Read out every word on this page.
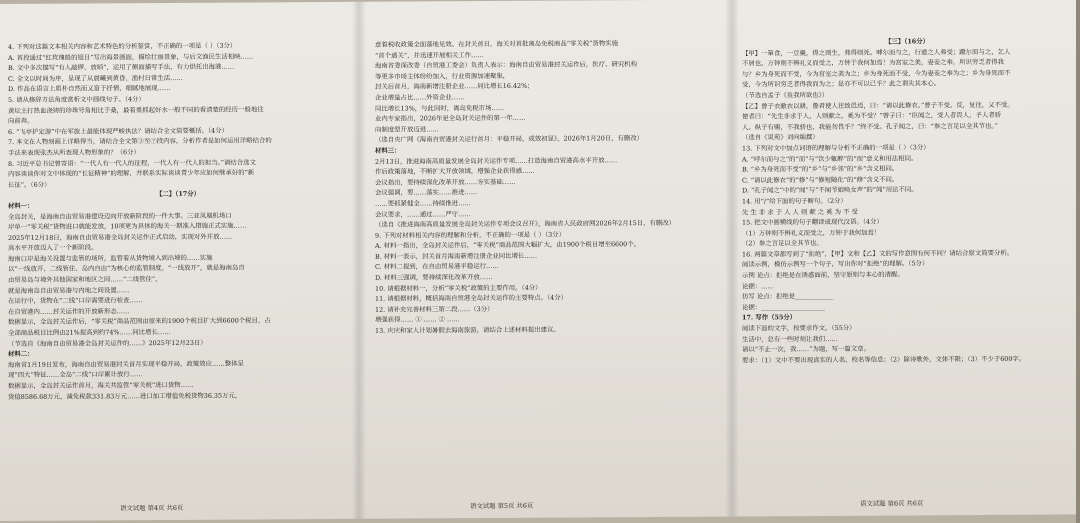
4. 下列对这篇文本相关内容和艺术特色的分析鉴赏，不正确的一项是（ ）（3分）

A. 首段通过“红玫瑰般的旭日”写出海景画面，描绘壮丽景象，与后文渔民生活相映……

B. 文中多次描写“有人敲锣、放哨”，运用了侧面描写手法，有力烘托出海港……

C. 全文以时间为序，呈现了从晨曦到黄昏，渔村日常生活……

D. 作品在语言上质朴自然而又富于抒情，细腻地展现……

5. 请从修辞方法角度赏析文中画线句子。（4分）

黄坛主打热血浇铸的珍珠号角相比于桑，最着重抓起好水一般不同的看清楚的经历一般地往

向前奔。

6. “飞亭护定游”中在军旅上最能体现严峻执法？请结合全文简要概括。（4分）

7. 本文在人物刻画上详略得当，请结合全文第③至⑦段内容，分析作者是如何运用详略结合的

手法来表现张杰从所表现人物形象的？（6分）

8. 习近平总书记曾寄语：“一代人有一代人的征程，一代人有一代人的担当。”请结合选文

内容谈谈你对文中体现的“长征精神”的理解，并联系实际谈谈青少年应如何继承好的“新

长征”。（6分）

【二】（17分）

材料一：

全岛封关，是海南自由贸易港建设迈向开放新阶段的一件大事。三亚凤凰机场口

岸单一“零关税”货物进口就能发放，10项更为具体的海关一期准入措施正式实施……

2025年12月18日，海南自由贸易港全岛封关运作正式启动，实现对外开放……

高水平开放迈入了一个新阶段。

海南口岸是海关设置与监管的场所，监管着从货物境入到出境的……实施

以“一线放开、二线管住、岛内自由”为核心的监管制度。“一线放开”，就是海南岛自

由贸易岛与境外其他国家和地区之间……“二线管住”，

就是海南岛自由贸易港与内地之间设置……

在运行中，货物在“二线”口岸需要进行检查……

在自贸港内……封关运作的开放新形态……

数据显示，全岛封关运作后，“零关税”商品范围由原来的1900个税目扩大到6600个税目，占

全部商品税目比例由21%提高到约74%……同比增长……

（节选自《海南自由贸易港全岛封关运作的……》2025年12月23日）

材料二：

海南省1月19日发布，海南自由贸易港封关首月实现平稳开局，政策效应……整体呈

现“四大”特征……全岛“二线”口岸累计放行……

数据显示，全岛封关运作首月，海关共监管“零关税”进口货物……

货值8586.68万元，减免税款331.83万元……进口加工增值免税货物36.35万元，

意着税收政策全面落地见效。在封关首日，海关对首批离岛免税商品“零关税”货物实施

“首个通关”，并迅速开展相关工作……

海南省委深改委（自贸港工委会）负责人表示：海南自由贸易港封关运作后，医疗、研究机构

等更多市场主体纷纷加入，行业资源加速聚集，

封关后首月，海南新增注册企业……同比增长16.42%；

企业增量占比……外资企业……

同比增长13%，与此同时，离岛免税市场……

业内专家指出，2026年是全岛封关运作的第一年……

向制度型开放迈进……

（选自央广网《海南自贸港封关运行首月：平稳开局，成效初显》，2026年1月20日，有删改）

材料三：

2月13日，推进海南高质量发展全岛封关运作专项……打造海南自贸港高水平开放……

作后政策落地，不断扩大开放领域，增强企业获得感……

会议指出，要持续深化改革开放……夯实基础……

会议强调，要……落实……推进……

……要抓紧健全……持续推进……

会议要求，……通过……严守……

（选自《推进海南高质量发展全岛封关运作专项会议召开》，海南省人民政府网2026年2月15日，有删改）

9. 下列对材料相关内容的理解和分析，不正确的一项是（ ）（3分）

A. 材料一指出，全岛封关运作后，“零关税”商品范围大幅扩大，由1900个税目增至6600个。

B. 材料一表示，封关首月海南新增注册企业同比增长……

C. 材料二提到，在自由贸易港平稳运行……

D. 材料三强调，要持续深化改革开放……

10. 请根据材料一，分析“零关税”政策的主要作用。（4分）

11. 请根据材料，概括海南自贸港全岛封关运作的主要特点。（4分）

12. 请补充完善材料三第二段……（3分）

增强获得…… ① …… ② ……

13. 庆庆和家人计划暑假去海南旅游，请结合上述材料提出建议。

【三】（16分）

【甲】一箪食，一豆羹，得之则生，弗得则死。嘑尔而与之，行道之人弗受；蹴尔而与之，乞人

不屑也。万钟则不辨礼义而受之，万钟于我何加焉！为宫室之美，妻妾之奉，所识穷乏者得我

与？乡为身死而不受，今为宫室之美为之；乡为身死而不受，今为妻妾之奉为之；乡为身死而不

受，今为所识穷乏者得我而为之；是亦不可以已乎？此之谓失其本心。

（节选自孟子《鱼我所欲也》）

【乙】曾子衣敝衣以耕，鲁君使人往致邑焉，曰：“请以此修衣。”曾子不受。反，复往，又不受。

使者曰：“先生非求于人，人则献之，奚为不受？”曾子曰：“臣闻之，受人者畏人，予人者骄

人。纵子有赐，不我骄也，我能勿畏乎？”终不受。孔子闻之，曰：“参之言足以全其节也。”

（选自《说苑》刘向编撰）

13. 下列对文中加点词语的理解与分析不正确的一项是（ ）（3分）

A. “呼尔而与之”的“而”与“饮少辄醉”的“而”意义和用法相同。

B. “乡为身死而不受”的“乡”与“乡邻”的“乡”含义相同。

C. “请以此修衣”的“修”与“修短随化”的“修”含义不同。

D. “孔子闻之”中的“闻”与“不闻爷娘唤女声”的“闻”用法不同。

14. 用“/”给下面的句子断句。（2分）

先 生 非 求 于 人 人 则 献 之 奚 为 不 受

15. 把文中画横线的句子翻译成现代汉语。（4分）

（1）万钟则不辨礼义而受之，万钟于我何加焉！

（2）参之言足以全其节也。

16. 两篇文章都写到了“拒绝”，【甲】文和【乙】文的写作意图有何不同？请结合原文简要分析。

阅读示例，模仿示例写一个句子，写出你对“拒绝”的理解。（5分）

示例 论点：拒绝是在诱惑面前，坚守原则与本心的清醒。

论据：……

仿写 论点：拒绝是____________

论据：____________________

17. 写作（55分）

阅读下面的文字，按要求作文。（55分）

生活中，总有一些时刻让我们……

请以“不止一次，我……”为题，写一篇文章。

要求：（1）文中不要出现真实的人名、校名等信息；（2）除诗歌外，文体不限；（3）不少于600字。

语文试题 第4页 共6页	语文试题 第5页 共6页	语文试题 第6页 共6页
